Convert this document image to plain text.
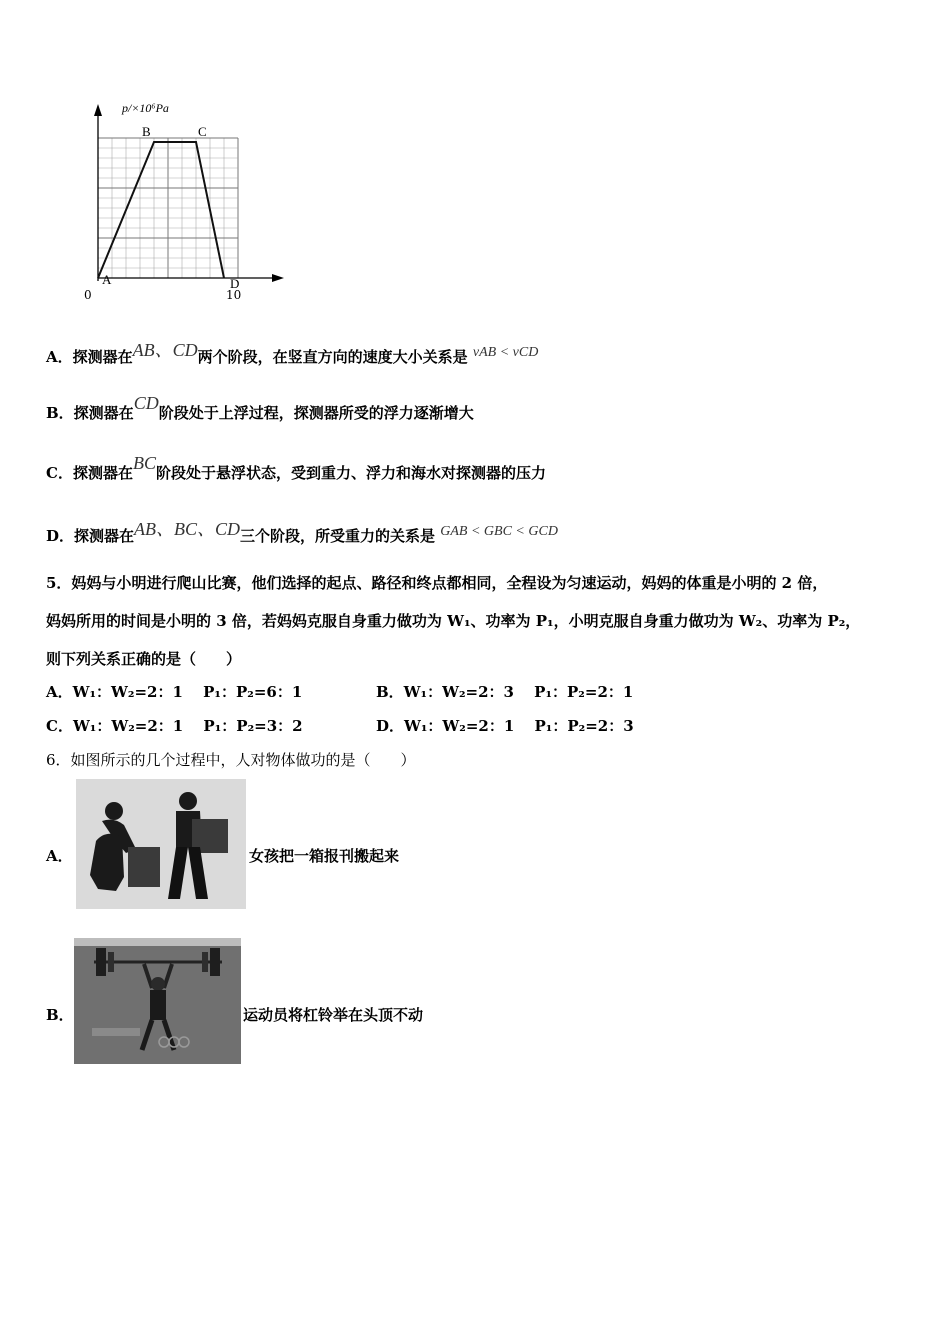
A
B	C
D
p/×10⁶Pa
0	10
A．探测器在AB、CD两个阶段，在竖直方向的速度大小关系是 vAB < vCD
B．探测器在CD阶段处于上浮过程，探测器所受的浮力逐渐增大
C．探测器在BC阶段处于悬浮状态，受到重力、浮力和海水对探测器的压力
D．探测器在AB、BC、CD三个阶段，所受重力的关系是 GAB < GBC < GCD
5．妈妈与小明进行爬山比赛，他们选择的起点、路径和终点都相同，全程设为匀速运动，妈妈的体重是小明的 2 倍，
妈妈所用的时间是小明的 3 倍，若妈妈克服自身重力做功为 W₁、功率为 P₁，小明克服自身重力做功为 W₂、功率为 P₂，
则下列关系正确的是（　　）
A．W₁：W₂=2：1　 P₁：P₂=6：1	B．W₁：W₂=2：3　 P₁：P₂=2：1
C．W₁：W₂=2：1　 P₁：P₂=3：2	D．W₁：W₂=2：1　 P₁：P₂=2：3
6．如图所示的几个过程中，人对物体做功的是（　　）
A．	女孩把一箱报刊搬起来
B．	运动员将杠铃举在头顶不动
